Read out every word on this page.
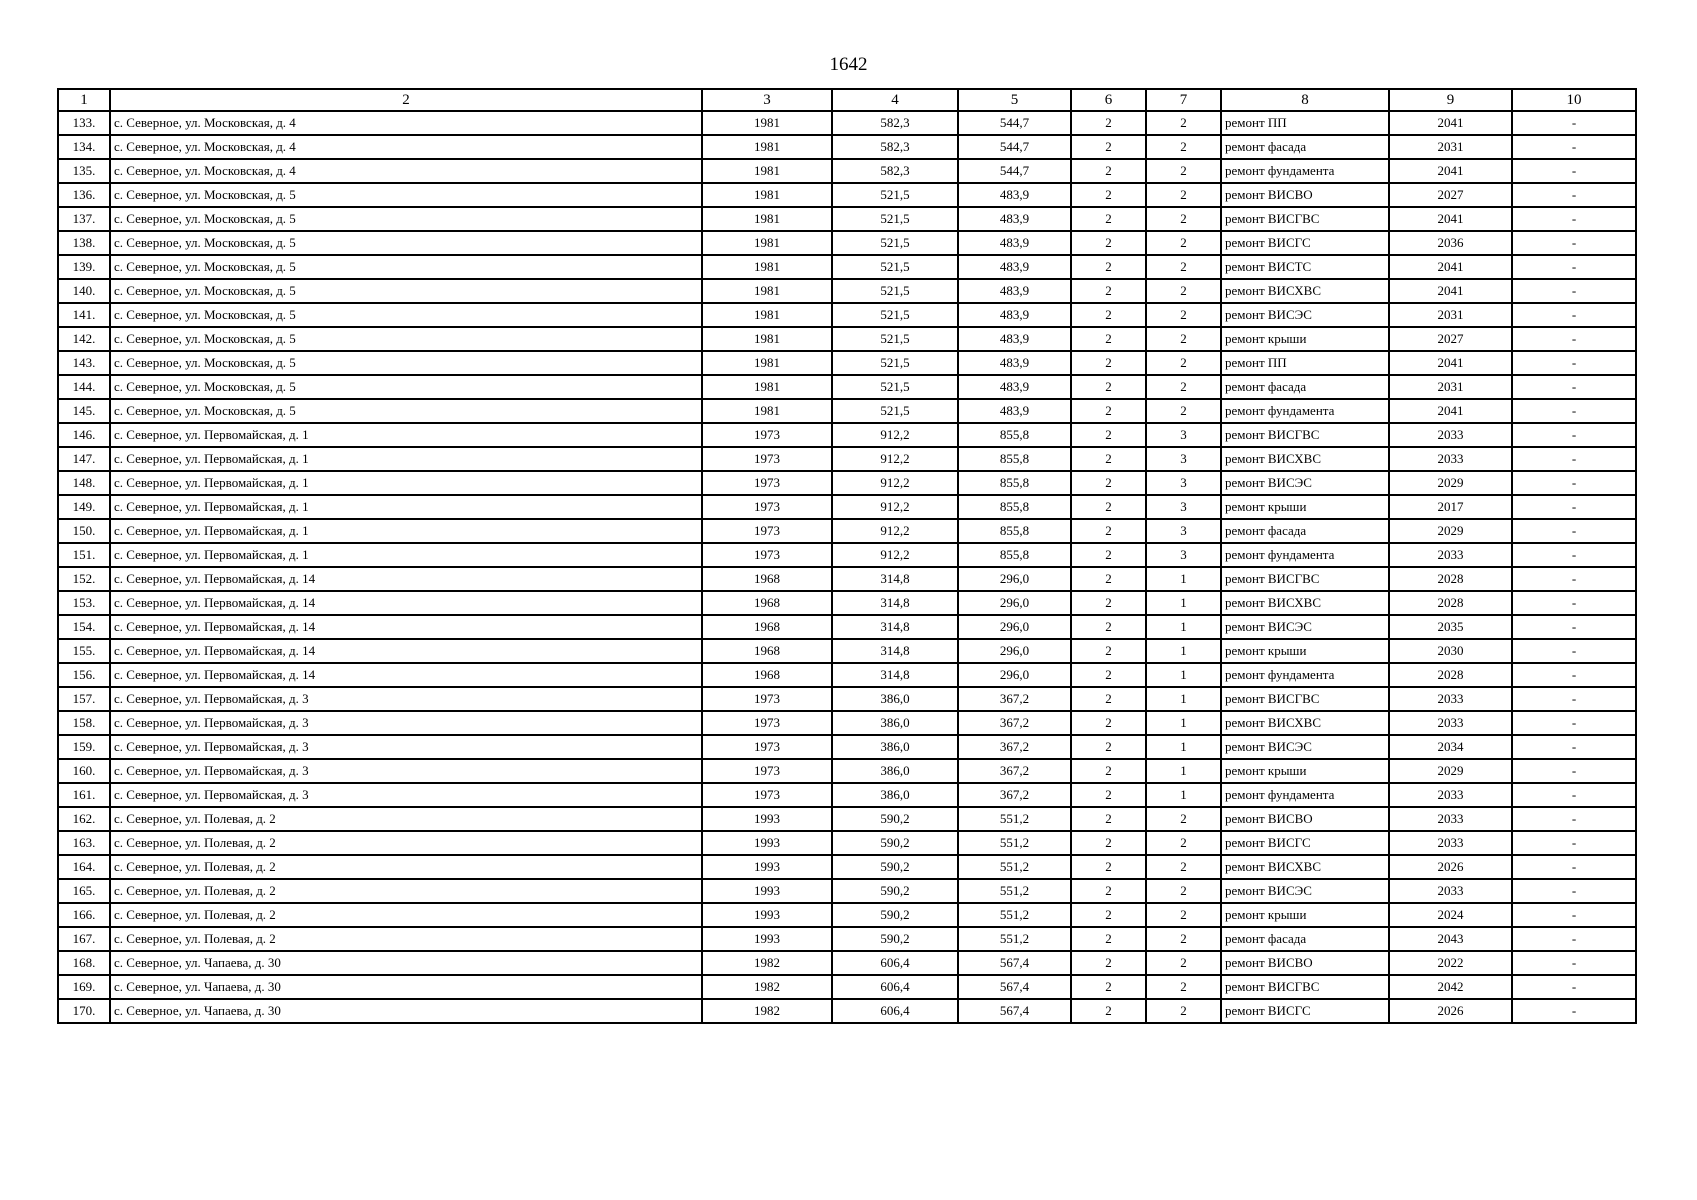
1642
1	2	3	4	5	6	7	8	9	10
133.	с. Северное, ул. Московская, д. 4	1981	582,3	544,7	2	2	ремонт ПП	2041	-
134.	с. Северное, ул. Московская, д. 4	1981	582,3	544,7	2	2	ремонт фасада	2031	-
135.	с. Северное, ул. Московская, д. 4	1981	582,3	544,7	2	2	ремонт фундамента	2041	-
136.	с. Северное, ул. Московская, д. 5	1981	521,5	483,9	2	2	ремонт ВИСВО	2027	-
137.	с. Северное, ул. Московская, д. 5	1981	521,5	483,9	2	2	ремонт ВИСГВС	2041	-
138.	с. Северное, ул. Московская, д. 5	1981	521,5	483,9	2	2	ремонт ВИСГС	2036	-
139.	с. Северное, ул. Московская, д. 5	1981	521,5	483,9	2	2	ремонт ВИСТС	2041	-
140.	с. Северное, ул. Московская, д. 5	1981	521,5	483,9	2	2	ремонт ВИСХВС	2041	-
141.	с. Северное, ул. Московская, д. 5	1981	521,5	483,9	2	2	ремонт ВИСЭС	2031	-
142.	с. Северное, ул. Московская, д. 5	1981	521,5	483,9	2	2	ремонт крыши	2027	-
143.	с. Северное, ул. Московская, д. 5	1981	521,5	483,9	2	2	ремонт ПП	2041	-
144.	с. Северное, ул. Московская, д. 5	1981	521,5	483,9	2	2	ремонт фасада	2031	-
145.	с. Северное, ул. Московская, д. 5	1981	521,5	483,9	2	2	ремонт фундамента	2041	-
146.	с. Северное, ул. Первомайская, д. 1	1973	912,2	855,8	2	3	ремонт ВИСГВС	2033	-
147.	с. Северное, ул. Первомайская, д. 1	1973	912,2	855,8	2	3	ремонт ВИСХВС	2033	-
148.	с. Северное, ул. Первомайская, д. 1	1973	912,2	855,8	2	3	ремонт ВИСЭС	2029	-
149.	с. Северное, ул. Первомайская, д. 1	1973	912,2	855,8	2	3	ремонт крыши	2017	-
150.	с. Северное, ул. Первомайская, д. 1	1973	912,2	855,8	2	3	ремонт фасада	2029	-
151.	с. Северное, ул. Первомайская, д. 1	1973	912,2	855,8	2	3	ремонт фундамента	2033	-
152.	с. Северное, ул. Первомайская, д. 14	1968	314,8	296,0	2	1	ремонт ВИСГВС	2028	-
153.	с. Северное, ул. Первомайская, д. 14	1968	314,8	296,0	2	1	ремонт ВИСХВС	2028	-
154.	с. Северное, ул. Первомайская, д. 14	1968	314,8	296,0	2	1	ремонт ВИСЭС	2035	-
155.	с. Северное, ул. Первомайская, д. 14	1968	314,8	296,0	2	1	ремонт крыши	2030	-
156.	с. Северное, ул. Первомайская, д. 14	1968	314,8	296,0	2	1	ремонт фундамента	2028	-
157.	с. Северное, ул. Первомайская, д. 3	1973	386,0	367,2	2	1	ремонт ВИСГВС	2033	-
158.	с. Северное, ул. Первомайская, д. 3	1973	386,0	367,2	2	1	ремонт ВИСХВС	2033	-
159.	с. Северное, ул. Первомайская, д. 3	1973	386,0	367,2	2	1	ремонт ВИСЭС	2034	-
160.	с. Северное, ул. Первомайская, д. 3	1973	386,0	367,2	2	1	ремонт крыши	2029	-
161.	с. Северное, ул. Первомайская, д. 3	1973	386,0	367,2	2	1	ремонт фундамента	2033	-
162.	с. Северное, ул. Полевая, д. 2	1993	590,2	551,2	2	2	ремонт ВИСВО	2033	-
163.	с. Северное, ул. Полевая, д. 2	1993	590,2	551,2	2	2	ремонт ВИСГС	2033	-
164.	с. Северное, ул. Полевая, д. 2	1993	590,2	551,2	2	2	ремонт ВИСХВС	2026	-
165.	с. Северное, ул. Полевая, д. 2	1993	590,2	551,2	2	2	ремонт ВИСЭС	2033	-
166.	с. Северное, ул. Полевая, д. 2	1993	590,2	551,2	2	2	ремонт крыши	2024	-
167.	с. Северное, ул. Полевая, д. 2	1993	590,2	551,2	2	2	ремонт фасада	2043	-
168.	с. Северное, ул. Чапаева, д. 30	1982	606,4	567,4	2	2	ремонт ВИСВО	2022	-
169.	с. Северное, ул. Чапаева, д. 30	1982	606,4	567,4	2	2	ремонт ВИСГВС	2042	-
170.	с. Северное, ул. Чапаева, д. 30	1982	606,4	567,4	2	2	ремонт ВИСГС	2026	-
